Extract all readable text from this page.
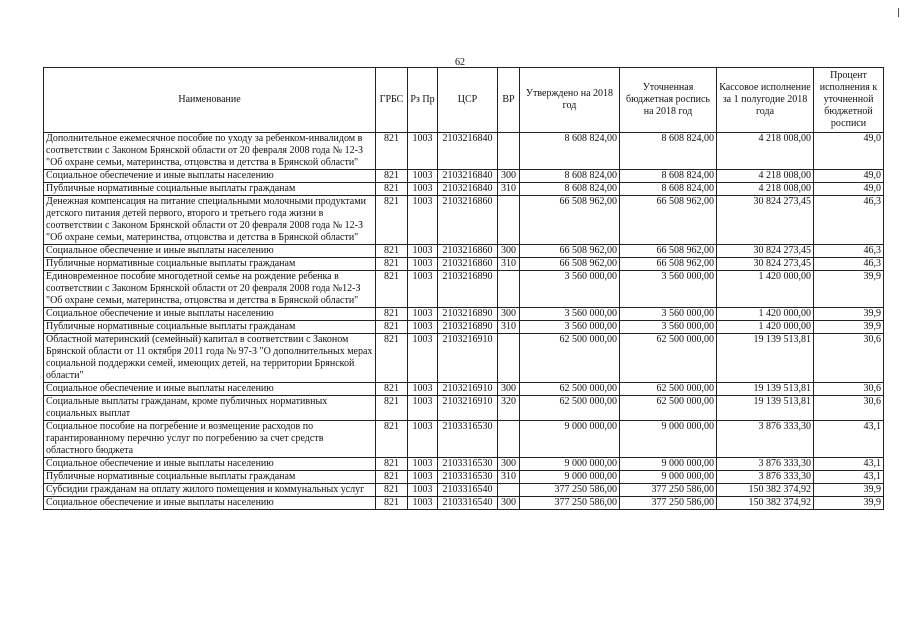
62
Наименование	ГРБС	Рз Пр	ЦСР	ВР	Утверждено на 2018 год	Уточненная бюджетная роспись на 2018 год	Кассовое исполнение за 1 полугодие 2018 года	Процент исполнения к уточненной бюджетной росписи
Дополнительное ежемесячное пособие по уходу за ребенком-инвалидом в соответствии с Законом Брянской области от 20 февраля 2008 года № 12-З "Об охране семьи, материнства, отцовства и детства в Брянской области"	821	1003	2103216840		8 608 824,00	8 608 824,00	4 218 008,00	49,0
Социальное обеспечение и иные выплаты населению	821	1003	2103216840	300	8 608 824,00	8 608 824,00	4 218 008,00	49,0
Публичные нормативные социальные выплаты гражданам	821	1003	2103216840	310	8 608 824,00	8 608 824,00	4 218 008,00	49,0
Денежная компенсация на питание специальными молочными продуктами детского питания детей первого, второго и третьего года жизни в соответствии с Законом Брянской области от 20 февраля 2008 года № 12-З "Об охране семьи, материнства, отцовства и детства в Брянской области"	821	1003	2103216860		66 508 962,00	66 508 962,00	30 824 273,45	46,3
Социальное обеспечение и иные выплаты населению	821	1003	2103216860	300	66 508 962,00	66 508 962,00	30 824 273,45	46,3
Публичные нормативные социальные выплаты гражданам	821	1003	2103216860	310	66 508 962,00	66 508 962,00	30 824 273,45	46,3
Единовременное пособие многодетной семье на рождение ребенка в соответствии с Законом Брянской области от 20 февраля 2008 года №12-З "Об охране семьи, материнства, отцовства и детства в Брянской области"	821	1003	2103216890		3 560 000,00	3 560 000,00	1 420 000,00	39,9
Социальное обеспечение и иные выплаты населению	821	1003	2103216890	300	3 560 000,00	3 560 000,00	1 420 000,00	39,9
Публичные нормативные социальные выплаты гражданам	821	1003	2103216890	310	3 560 000,00	3 560 000,00	1 420 000,00	39,9
Областной материнский (семейный) капитал в соответствии с Законом Брянской области от 11 октября 2011 года № 97-З "О дополнительных мерах социальной поддержки семей, имеющих детей, на территории Брянской области"	821	1003	2103216910		62 500 000,00	62 500 000,00	19 139 513,81	30,6
Социальное обеспечение и иные выплаты населению	821	1003	2103216910	300	62 500 000,00	62 500 000,00	19 139 513,81	30,6
Социальные выплаты гражданам, кроме публичных нормативных социальных выплат	821	1003	2103216910	320	62 500 000,00	62 500 000,00	19 139 513,81	30,6
Социальное пособие на погребение и возмещение расходов по гарантированному перечню услуг по погребению за счет средств областного бюджета	821	1003	2103316530		9 000 000,00	9 000 000,00	3 876 333,30	43,1
Социальное обеспечение и иные выплаты населению	821	1003	2103316530	300	9 000 000,00	9 000 000,00	3 876 333,30	43,1
Публичные нормативные социальные выплаты гражданам	821	1003	2103316530	310	9 000 000,00	9 000 000,00	3 876 333,30	43,1
Субсидии гражданам на оплату жилого помещения и коммунальных услуг	821	1003	2103316540		377 250 586,00	377 250 586,00	150 382 374,92	39,9
Социальное обеспечение и иные выплаты населению	821	1003	2103316540	300	377 250 586,00	377 250 586,00	150 382 374,92	39,9
